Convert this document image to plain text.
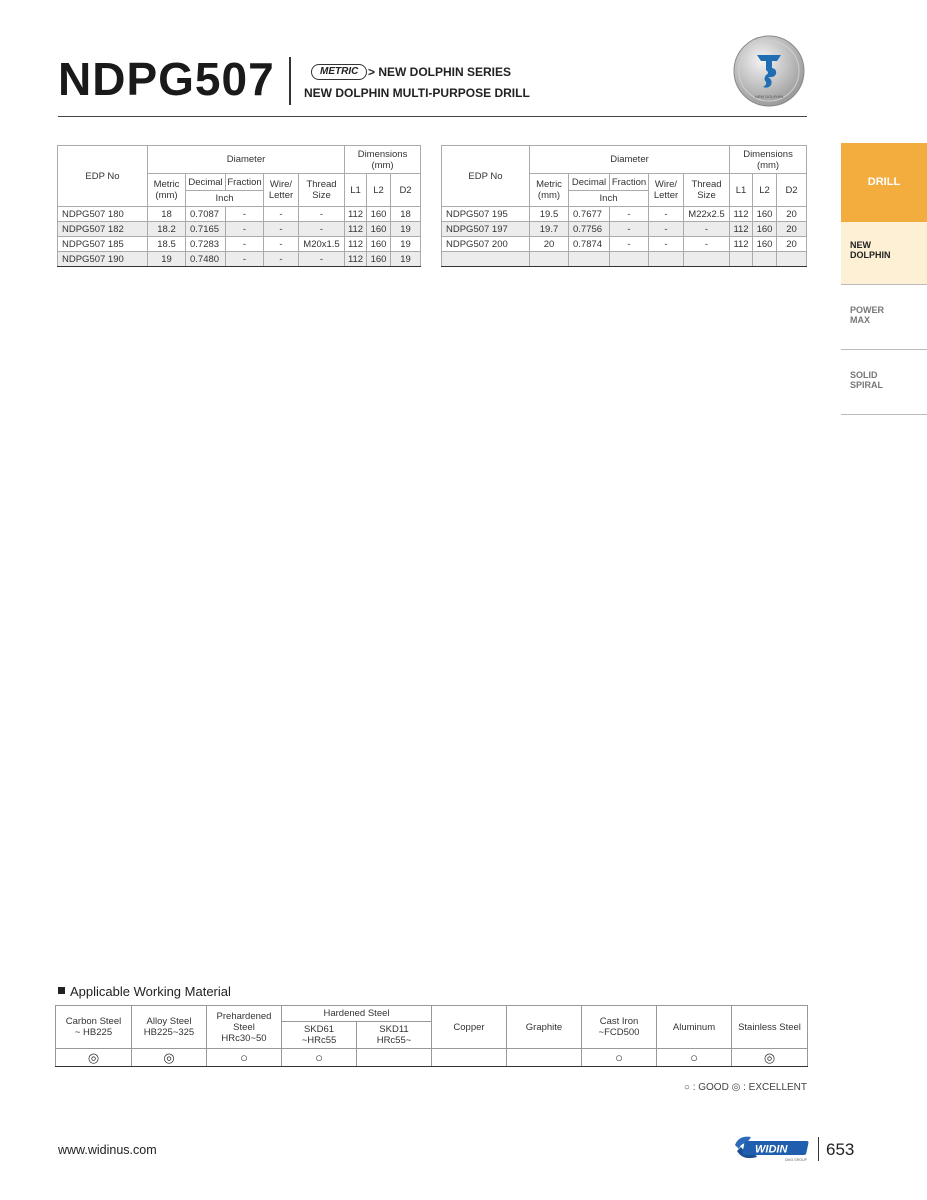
NDPG507	METRIC > NEW DOLPHIN SERIES
NEW DOLPHIN MULTI-PURPOSE DRILL	NEW DOLPHIN
EDP No	Diameter					Dimensions
(mm)		
	Metric
(mm)	Decimal	Fraction	Wire/
Letter	Thread
Size	L1	L2	D2
		Inch						
NDPG507 180	18	0.7087	-	-	-	112	160	18
NDPG507 182	18.2	0.7165	-	-	-	112	160	19
NDPG507 185	18.5	0.7283	-	-	M20x1.5	112	160	19
NDPG507 190	19	0.7480	-	-	-	112	160	19
EDP No	Diameter					Dimensions
(mm)		
	Metric
(mm)	Decimal	Fraction	Wire/
Letter	Thread
Size	L1	L2	D2
		Inch						
NDPG507 195	19.5	0.7677	-	-	M22x2.5	112	160	20
NDPG507 197	19.7	0.7756	-	-	-	112	160	20
NDPG507 200	20	0.7874	-	-	-	112	160	20

DRILL
NEW
DOLPHIN
POWER
MAX
SOLID
SPIRAL
Applicable Working Material
Carbon Steel
~ HB225	Alloy Steel
HB225~325	Prehardened
Steel
HRc30~50	Hardened Steel		Copper	Graphite	Cast Iron
~FCD500	Aluminum	Stainless Steel
			SKD61
~HRc55	SKD11
HRc55~					
◎	◎	○	○				○	○	◎
○ : GOOD ◎ : EXCELLENT
www.widinus.com	WIDIN
DMG GROUP
653
